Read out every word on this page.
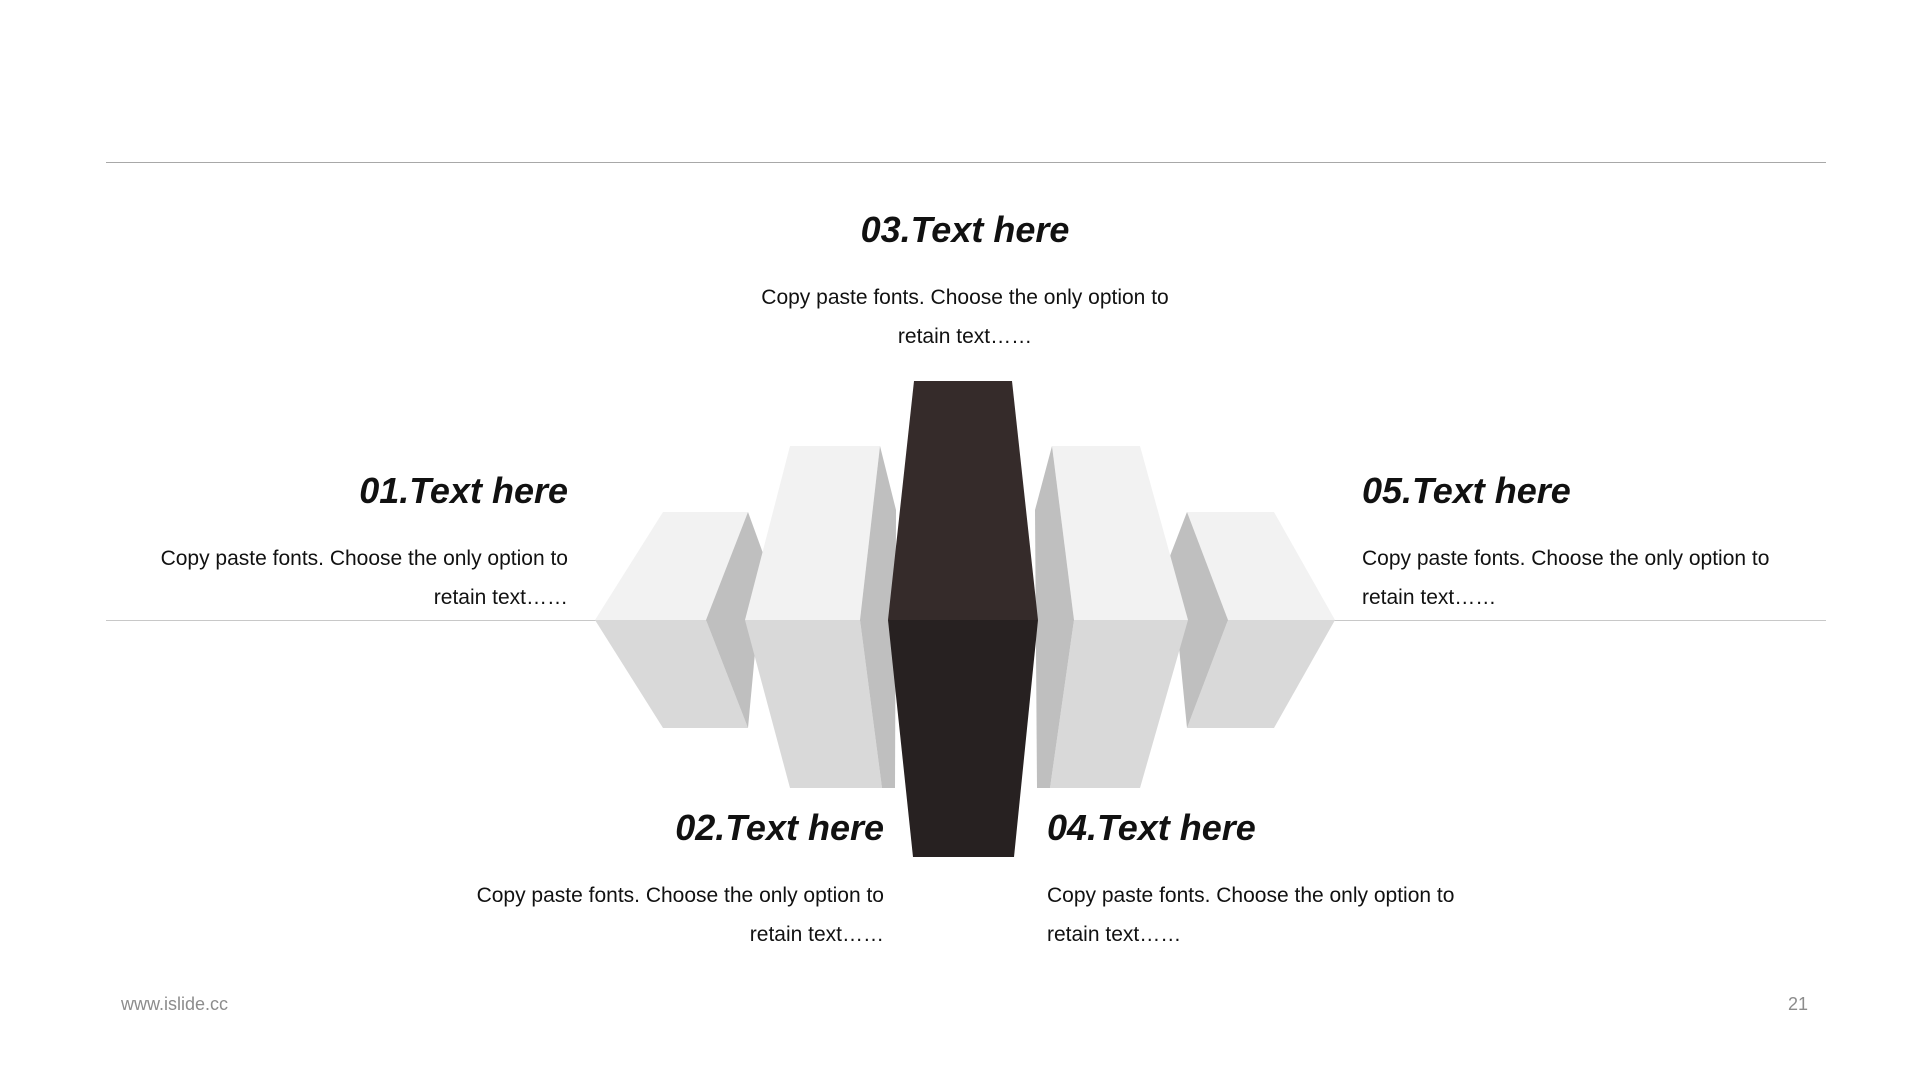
01.Text here
Copy paste fonts. Choose the only option to retain text……
02.Text here
Copy paste fonts. Choose the only option to retain text……
03.Text here
Copy paste fonts. Choose the only option to retain text……
04.Text here
Copy paste fonts. Choose the only option to retain text……
05.Text here
Copy paste fonts. Choose the only option to retain text……
www.islide.cc	21
